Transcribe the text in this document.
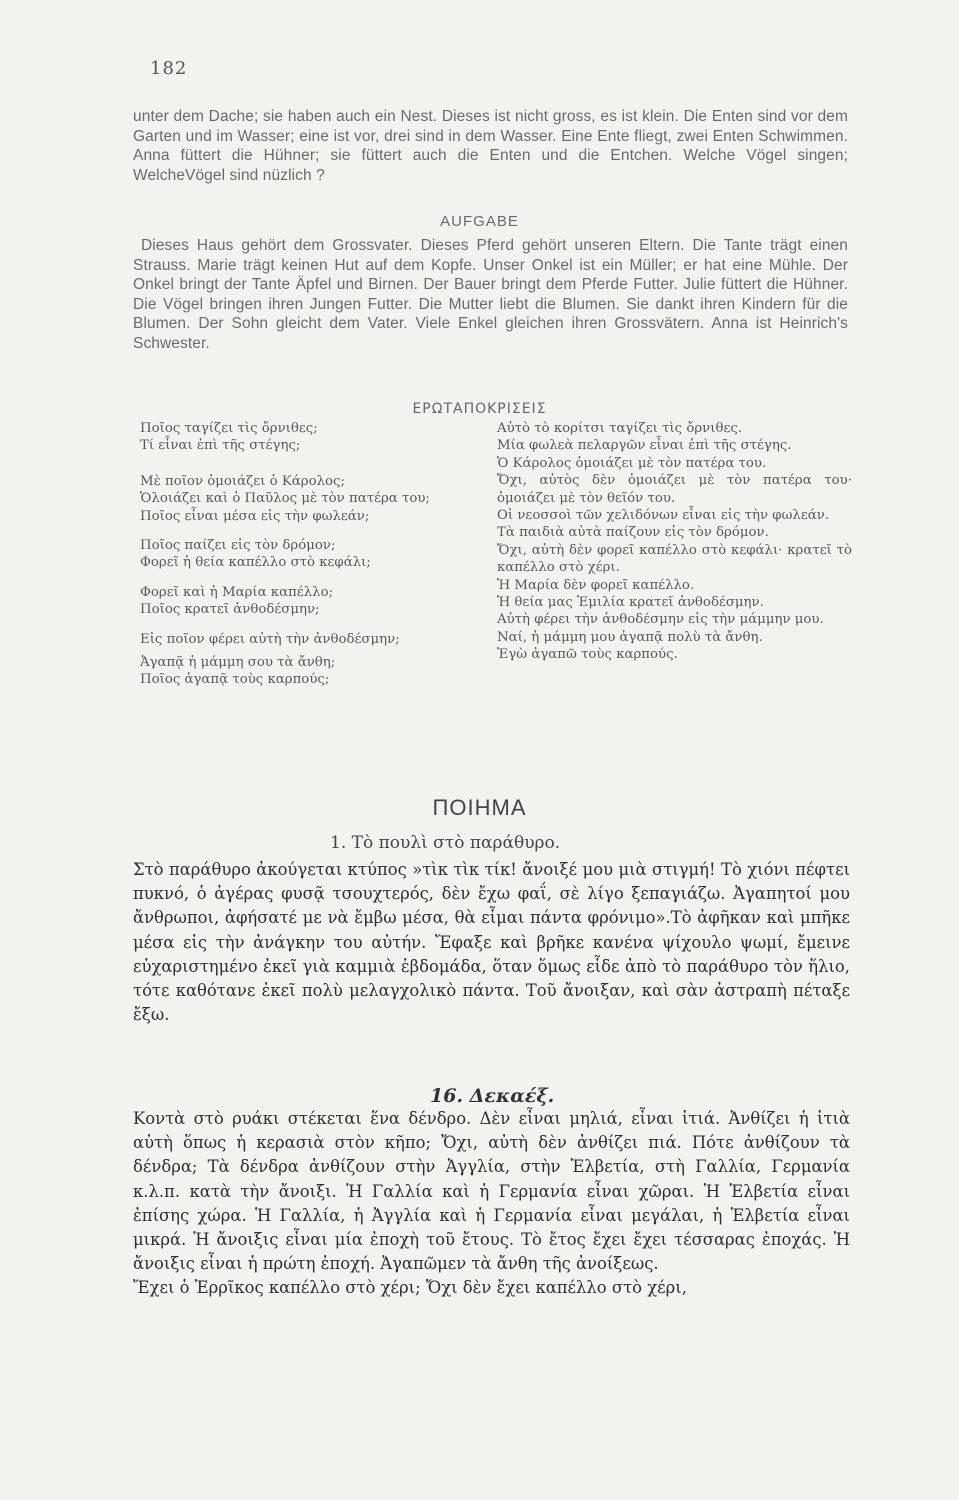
182

unter dem Dache; sie haben auch ein Nest. Dieses ist nicht gross, es ist klein. Die Enten sind vor dem Garten und im Wasser; eine ist vor, drei sind in dem Wasser. Eine Ente fliegt, zwei Enten Schwimmen. Anna füttert die Hühner; sie füttert auch die Enten und die Entchen. Welche Vögel singen; WelcheVögel sind nüzlich ?

AUFGABE

Dieses Haus gehört dem Grossvater. Dieses Pferd gehört unseren Eltern. Die Tante trägt einen Strauss. Marie trägt keinen Hut auf dem Kopfe. Unser Onkel ist ein Müller; er hat eine Mühle. Der Onkel bringt der Tante Äpfel und Birnen. Der Bauer bringt dem Pferde Futter. Julie füttert die Hühner. Die Vögel bringen ihren Jungen Futter. Die Mutter liebt die Blumen. Sie dankt ihren Kindern für die Blumen. Der Sohn gleicht dem Vater. Viele Enkel gleichen ihren Grossvätern. Anna ist Heinrich's Schwester.

ΕΡΩΤΑΠΟΚΡΙΣΕΙΣ

Ποῖος ταγίζει τὶς ὄρνιθες;

Τί εἶναι ἐπὶ τῆς στέγης;

Μὲ ποῖον ὁμοιάζει ὁ Κάρολος;

Ὁλοιάζει καὶ ὁ Παῦλος μὲ τὸν πατέρα του;

Ποῖος εἶναι μέσα εἰς τὴν φωλεάν;

Ποῖος παίζει εἰς τὸν δρόμον;

Φορεῖ ἡ θεία καπέλλο στὸ κεφάλι;

Φορεῖ καὶ ἡ Μαρία καπέλλο;

Ποῖος κρατεῖ ἀνθοδέσμην;

Εἰς ποῖον φέρει αὐτὴ τὴν ἀνθοδέσμην;

Ἀγαπᾷ ἡ μάμμη σου τὰ ἄνθη;

Ποῖος ἀγαπᾷ τοὺς καρπούς;

Αὐτὸ τὸ κορίτσι ταγίζει τὶς ὄρνιθες.

Μία φωλεὰ πελαργῶν εἶναι ἐπὶ τῆς στέγης.

Ὁ Κάρολος ὁμοιάζει μὲ τὸν πατέρα του.

Ὄχι, αὐτὸς δὲν ὁμοιάζει μὲ τὸν πατέρα του· ὁμοιάζει μὲ τὸν θεῖόν του.

Οἱ νεοσσοὶ τῶν χελιδόνων εἶναι εἰς τὴν φωλεάν.

Τὰ παιδιὰ αὐτὰ παίζουν εἰς τὸν δρόμον.

Ὄχι, αὐτὴ δὲν φορεῖ καπέλλο στὸ κεφάλι· κρατεῖ τὸ καπέλλο στὸ χέρι.

Ἡ Μαρία δὲν φορεῖ καπέλλο.

Ἡ θεία μας Ἐμιλία κρατεῖ ἀνθοδέσμην.

Αὐτὴ φέρει τὴν ἀνθοδέσμην εἰς τὴν μάμμην μου.

Ναί, ἡ μάμμη μου ἀγαπᾷ πολὺ τὰ ἄνθη.

Ἐγὼ ἀγαπῶ τοὺς καρπούς.

ΠΟΙΗΜΑ
1. Τὸ πουλὶ στὸ παράθυρο.

Στὸ παράθυρο ἀκούγεται κτύπος »τὶκ τὶκ τίκ! ἄνοιξέ μου μιὰ στιγμή! Τὸ χιόνι πέφτει πυκνό, ὁ ἀγέρας φυσᾷ τσουχτερός, δὲν ἔχω φαΐ, σὲ λίγο ξεπαγιάζω. Ἀγαπητοί μου ἄνθρωποι, ἀφήσατέ με νὰ ἔμβω μέσα, θὰ εἶμαι πάντα φρόνιμο».Τὸ ἀφῆκαν καὶ μπῆκε μέσα εἰς τὴν ἀνάγκην του αὐτήν. Ἔφαξε καὶ βρῆκε κανένα ψίχουλο ψωμί, ἔμεινε εὐχαριστημένο ἐκεῖ γιὰ καμμιὰ ἑβδομάδα, ὅταν ὅμως εἶδε ἀπὸ τὸ παράθυρο τὸν ἥλιο, τότε καθότανε ἐκεῖ πολὺ μελαγχολικὸ πάντα. Τοῦ ἄνοιξαν, καὶ σὰν ἀστραπὴ πέταξε ἔξω.

16. Δεκαέξ.

Κοντὰ στὸ ρυάκι στέκεται ἕνα δένδρο. Δὲν εἶναι μηλιά, εἶναι ἰτιά. Ἀνθίζει ἡ ἰτιὰ αὐτὴ ὅπως ἡ κερασιὰ στὸν κῆπο; Ὄχι, αὐτὴ δὲν ἀνθίζει πιά. Πότε ἀνθίζουν τὰ δένδρα; Τὰ δένδρα ἀνθίζουν στὴν Ἀγγλία, στὴν Ἑλβετία, στὴ Γαλλία, Γερμανία κ.λ.π. κατὰ τὴν ἄνοιξι. Ἡ Γαλλία καὶ ἡ Γερμανία εἶναι χῶραι. Ἡ Ἑλβετία εἶναι ἐπίσης χώρα. Ἡ Γαλλία, ἡ Ἀγγλία καὶ ἡ Γερμανία εἶναι μεγάλαι, ἡ Ἑλβετία εἶναι μικρά. Ἡ ἄνοιξις εἶναι μία ἐποχὴ τοῦ ἔτους. Τὸ ἔτος ἔχει ἔχει τέσσαρας ἐποχάς. Ἡ ἄνοιξις εἶναι ἡ πρώτη ἐποχή. Ἀγαπῶμεν τὰ ἄνθη τῆς ἀνοίξεως.

Ἔχει ὁ Ἐρρῖκος καπέλλο στὸ χέρι; Ὄχι δὲν ἔχει καπέλλο στὸ χέρι,
